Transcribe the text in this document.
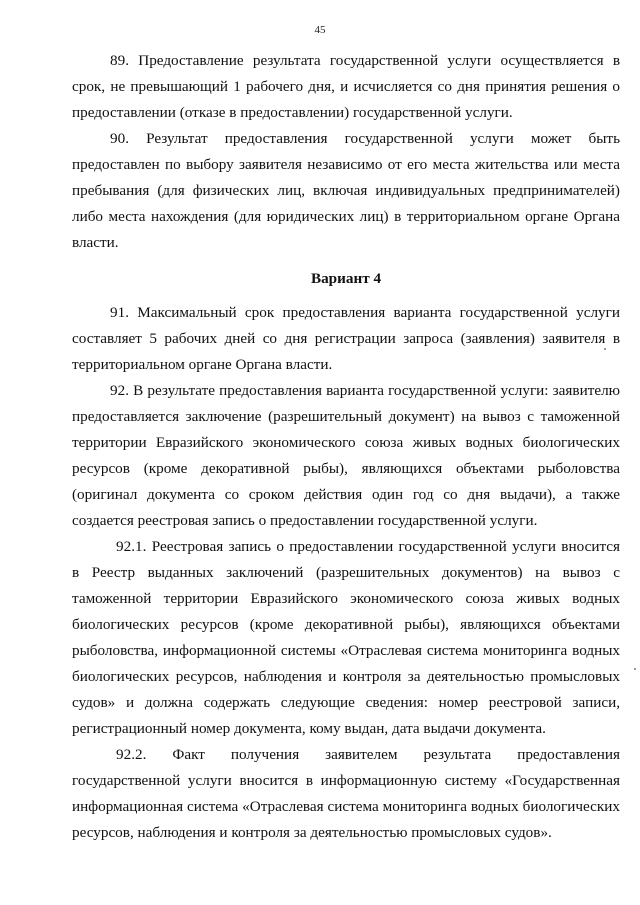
45

89. Предоставление результата государственной услуги осуществляется в срок, не превышающий 1 рабочего дня, и исчисляется со дня принятия решения о предоставлении (отказе в предоставлении) государственной услуги.

90. Результат предоставления государственной услуги может быть предоставлен по выбору заявителя независимо от его места жительства или места пребывания (для физических лиц, включая индивидуальных предпринимателей) либо места нахождения (для юридических лиц) в территориальном органе Органа власти.

Вариант 4

91. Максимальный срок предоставления варианта государственной услуги составляет 5 рабочих дней со дня регистрации запроса (заявления) заявителя в территориальном органе Органа власти.

92. В результате предоставления варианта государственной услуги: заявителю предоставляется заключение (разрешительный документ) на вывоз с таможенной территории Евразийского экономического союза живых водных биологических ресурсов (кроме декоративной рыбы), являющихся объектами рыболовства (оригинал документа со сроком действия один год со дня выдачи), а также создается реестровая запись о предоставлении государственной услуги.

92.1. Реестровая запись о предоставлении государственной услуги вносится в Реестр выданных заключений (разрешительных документов) на вывоз с таможенной территории Евразийского экономического союза живых водных биологических ресурсов (кроме декоративной рыбы), являющихся объектами рыболовства, информационной системы «Отраслевая система мониторинга водных биологических ресурсов, наблюдения и контроля за деятельностью промысловых судов» и должна содержать следующие сведения: номер реестровой записи, регистрационный номер документа, кому выдан, дата выдачи документа.

92.2. Факт получения заявителем результата предоставления государственной услуги вносится в информационную систему «Государственная информационная система «Отраслевая система мониторинга водных биологических ресурсов, наблюдения и контроля за деятельностью промысловых судов».
